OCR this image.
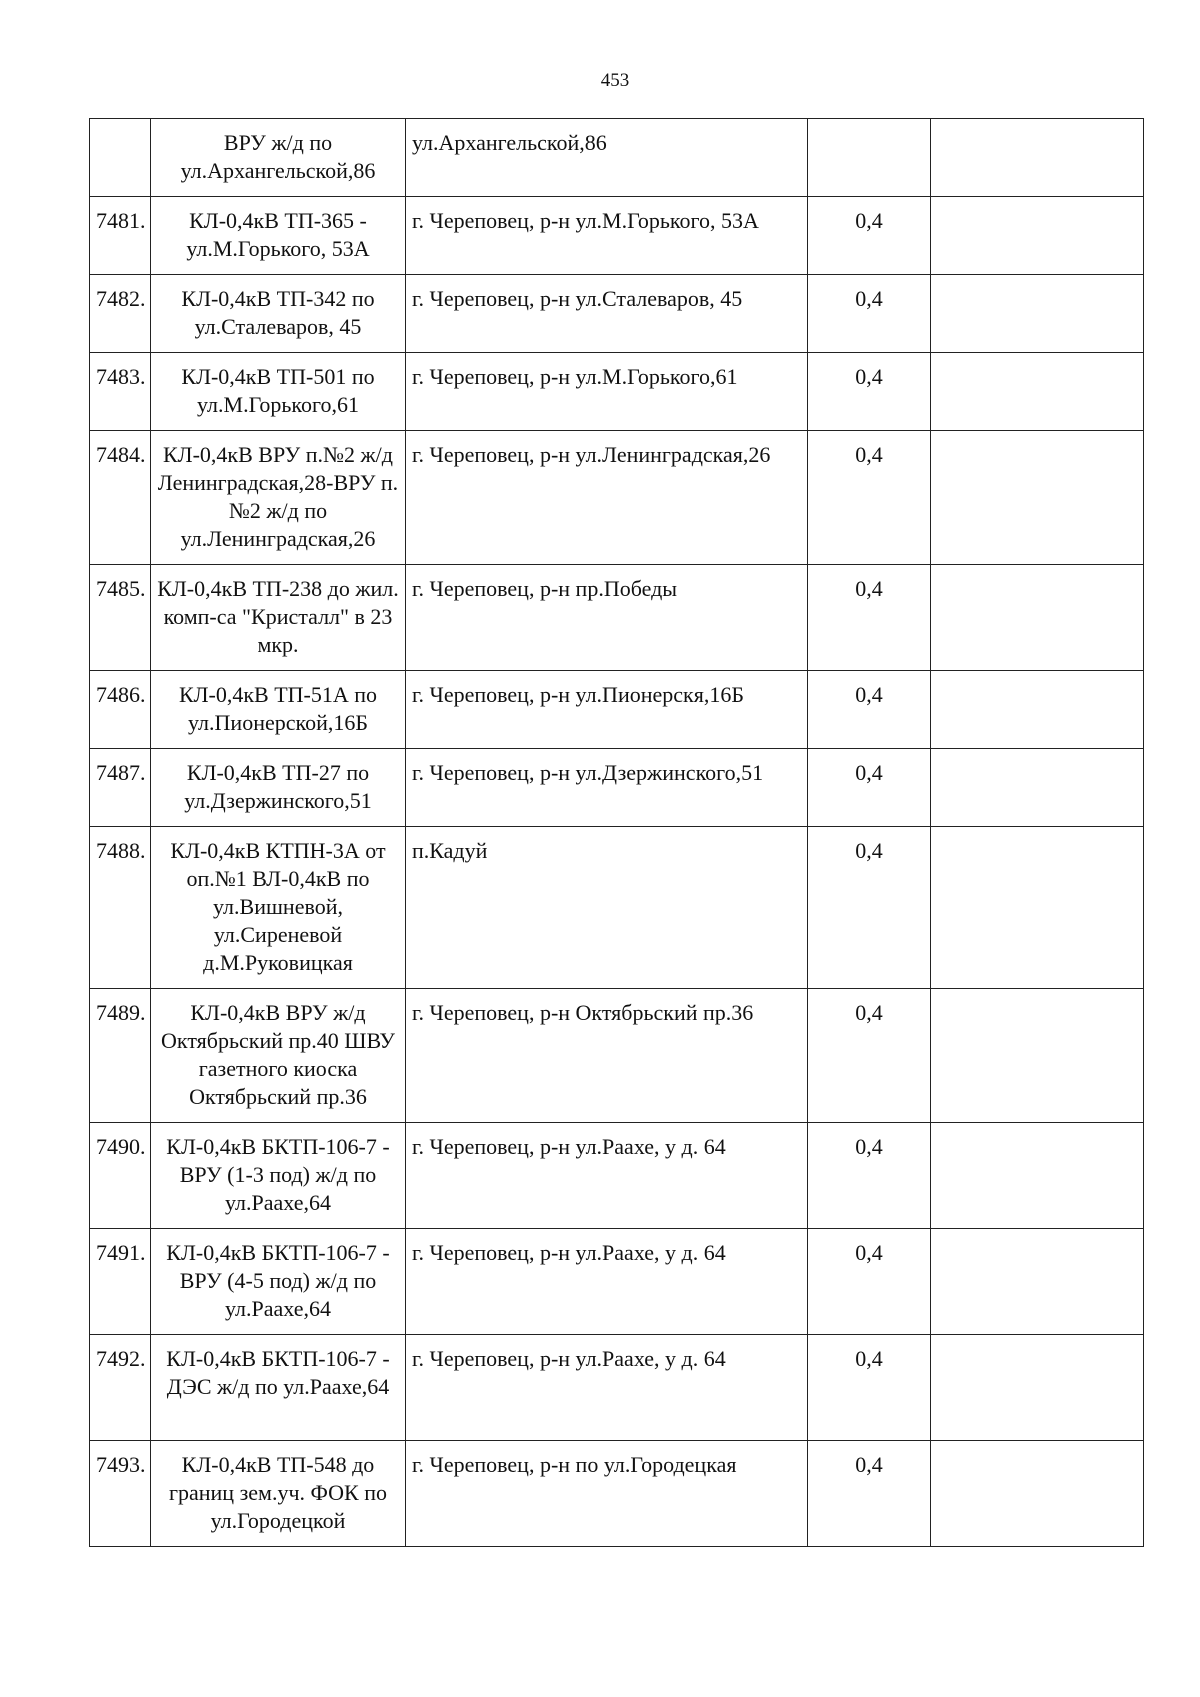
453
	ВРУ ж/д по ул.Архангельской,86	ул.Архангельской,86		
7481.	КЛ-0,4кВ ТП-365 - ул.М.Горького, 53А	г. Череповец, р-н ул.М.Горького, 53А	0,4	
7482.	КЛ-0,4кВ ТП-342 по ул.Сталеваров, 45	г. Череповец, р-н ул.Сталеваров, 45	0,4	
7483.	КЛ-0,4кВ ТП-501 по ул.М.Горького,61	г. Череповец, р-н ул.М.Горького,61	0,4	
7484.	КЛ-0,4кВ ВРУ п.№2 ж/д Ленинградская,28-ВРУ п.№2 ж/д по ул.Ленинградская,26	г. Череповец, р-н ул.Ленинградская,26	0,4	
7485.	КЛ-0,4кВ ТП-238 до жил. комп-са "Кристалл" в 23 мкр.	г. Череповец, р-н пр.Победы	0,4	
7486.	КЛ-0,4кВ ТП-51А по ул.Пионерской,16Б	г. Череповец, р-н ул.Пионерскя,16Б	0,4	
7487.	КЛ-0,4кВ ТП-27 по ул.Дзержинского,51	г. Череповец, р-н ул.Дзержинского,51	0,4	
7488.	КЛ-0,4кВ КТПН-3А от оп.№1 ВЛ-0,4кВ по ул.Вишневой, ул.Сиреневой д.М.Руковицкая	п.Кадуй	0,4	
7489.	КЛ-0,4кВ ВРУ ж/д Октябрьский пр.40 ШВУ газетного киоска Октябрьский пр.36	г. Череповец, р-н Октябрьский пр.36	0,4	
7490.	КЛ-0,4кВ БКТП-106-7 - ВРУ (1-3 под) ж/д по ул.Раахе,64	г. Череповец, р-н ул.Раахе, у д. 64	0,4	
7491.	КЛ-0,4кВ БКТП-106-7 - ВРУ (4-5 под) ж/д по ул.Раахе,64	г. Череповец, р-н ул.Раахе, у д. 64	0,4	
7492.	КЛ-0,4кВ БКТП-106-7 - ДЭС ж/д по ул.Раахе,64	г. Череповец, р-н ул.Раахе, у д. 64	0,4	
7493.	КЛ-0,4кВ ТП-548 до границ зем.уч. ФОК по ул.Городецкой	г. Череповец, р-н по ул.Городецкая	0,4	
